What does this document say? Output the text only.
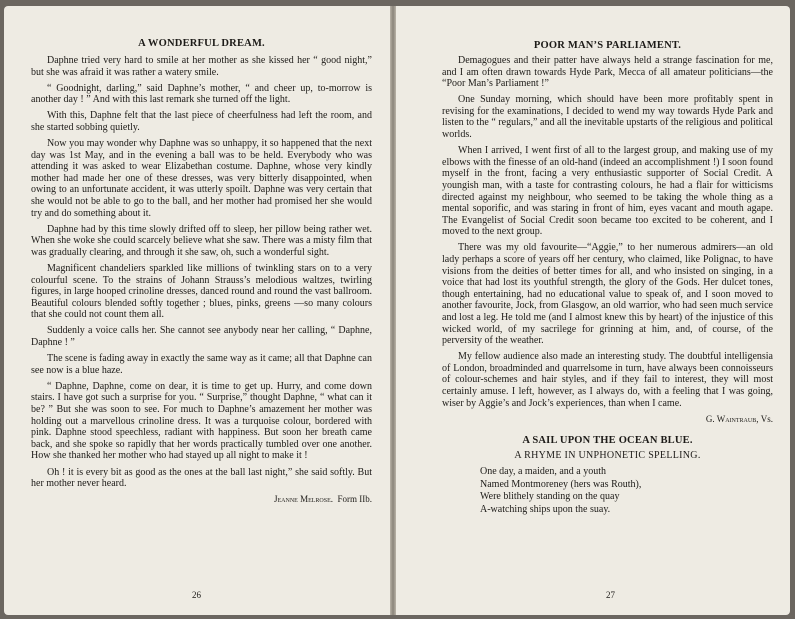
A WONDERFUL DREAM.

Daphne tried very hard to smile at her mother as she kissed her “ good night,” but she was afraid it was rather a watery smile.

“ Goodnight, darling,” said Daphne’s mother, “ and cheer up, to-morrow is another day ! ” And with this last remark she turned off the light.

With this, Daphne felt that the last piece of cheerfulness had left the room, and she started sobbing quietly.

Now you may wonder why Daphne was so unhappy, it so happened that the next day was 1st May, and in the evening a ball was to be held. Everybody who was attending it was asked to wear Elizabethan costume. Daphne, whose very kindly mother had made her one of these dresses, was very bitterly disappointed, when owing to an unfortunate accident, it was utterly spoilt. Daphne was very certain that she would not be able to go to the ball, and her mother had promised her she would try and do something about it.

Daphne had by this time slowly drifted off to sleep, her pillow being rather wet. When she woke she could scarcely believe what she saw. There was a misty film that was gradually clearing, and through it she saw, oh, such a wonderful sight.

Magnificent chandeliers sparkled like millions of twinkling stars on to a very colourful scene. To the strains of Johann Strauss’s melodious waltzes, twirling figures, in large hooped crinoline dresses, danced round and round the vast ballroom. Beautiful colours blended softly together ; blues, pinks, greens —so many colours that she could not count them all.

Suddenly a voice calls her. She cannot see anybody near her calling, “ Daphne, Daphne ! ”

The scene is fading away in exactly the same way as it came; all that Daphne can see now is a blue haze.

“ Daphne, Daphne, come on dear, it is time to get up. Hurry, and come down stairs. I have got such a surprise for you. “ Surprise,” thought Daphne, “ what can it be? ” But she was soon to see. For much to Daphne’s amazement her mother was holding out a marvellous crinoline dress. It was a turquoise colour, bordered with pink. Daphne stood speechless, radiant with happiness. But soon her breath came back, and she spoke so rapidly that her words practically tumbled over one another. How she thanked her mother who had stayed up all night to make it !

Oh ! it is every bit as good as the ones at the ball last night,” she said softly. But her mother never heard.

Jeanne Melrose. Form IIb.

26
POOR MAN’S PARLIAMENT.

Demagogues and their patter have always held a strange fascination for me, and I am often drawn towards Hyde Park, Mecca of all amateur politicians—the “Poor Man’s Parliament !”

One Sunday morning, which should have been more profitably spent in revising for the examinations, I decided to wend my way towards Hyde Park and listen to the “ regulars,” and all the inevitable upstarts of the religious and political worlds.

When I arrived, I went first of all to the largest group, and making use of my elbows with the finesse of an old-hand (indeed an accomplishment !) I soon found myself in the front, facing a very enthusiastic supporter of Social Credit. A youngish man, with a taste for contrasting colours, he had a flair for witticisms directed against my neighbour, who seemed to be taking the whole thing as a mental soporific, and was staring in front of him, eyes vacant and mouth agape. The Evangelist of Social Credit soon became too excited to be coherent, and I moved to the next group.

There was my old favourite—“Aggie,” to her numerous admirers—an old lady perhaps a score of years off her century, who claimed, like Polignac, to have visions from the deities of better times for all, and who insisted on singing, in a voice that had lost its youthful strength, the glory of the Gods. Her dulcet tones, though entertaining, had no educational value to speak of, and I soon moved to another favourite, Jock, from Glasgow, an old warrior, who had seen much service and lost a leg. He told me (and I almost knew this by heart) of the injustice of this wicked world, of my sacrilege for grinning at him, and, of course, of the perversity of the weather.

My fellow audience also made an interesting study. The doubtful intelligensia of London, broadminded and quarrelsome in turn, have always been connoisseurs of colour-schemes and hair styles, and if they fail to interest, they will most certainly amuse. I left, however, as I always do, with a feeling that I was going, wiser by Aggie’s and Jock’s experiences, than when I came.

G. Waintraub, Vs.

A SAIL UPON THE OCEAN BLUE.
A RHYME IN UNPHONETIC SPELLING.
One day, a maiden, and a youth
Named Montmoreney (hers was Routh),
Were blithely standing on the quay
A-watching ships upon the suay.
27
